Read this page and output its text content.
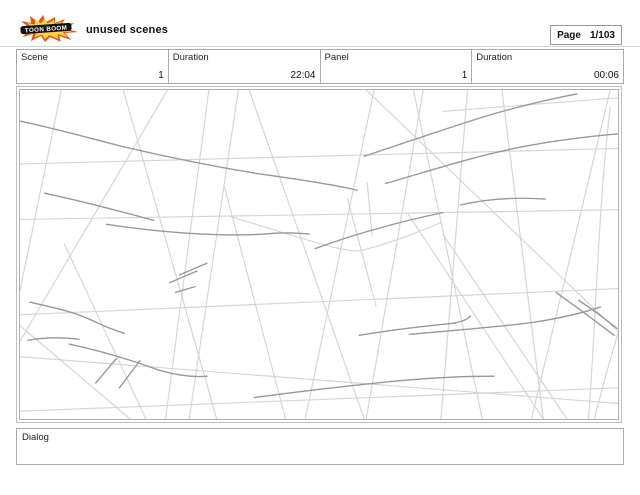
TOON BOOM unused scenes	Page 1/103
Scene
1
Duration
22:04
Panel
1
Duration
00:06
Dialog
